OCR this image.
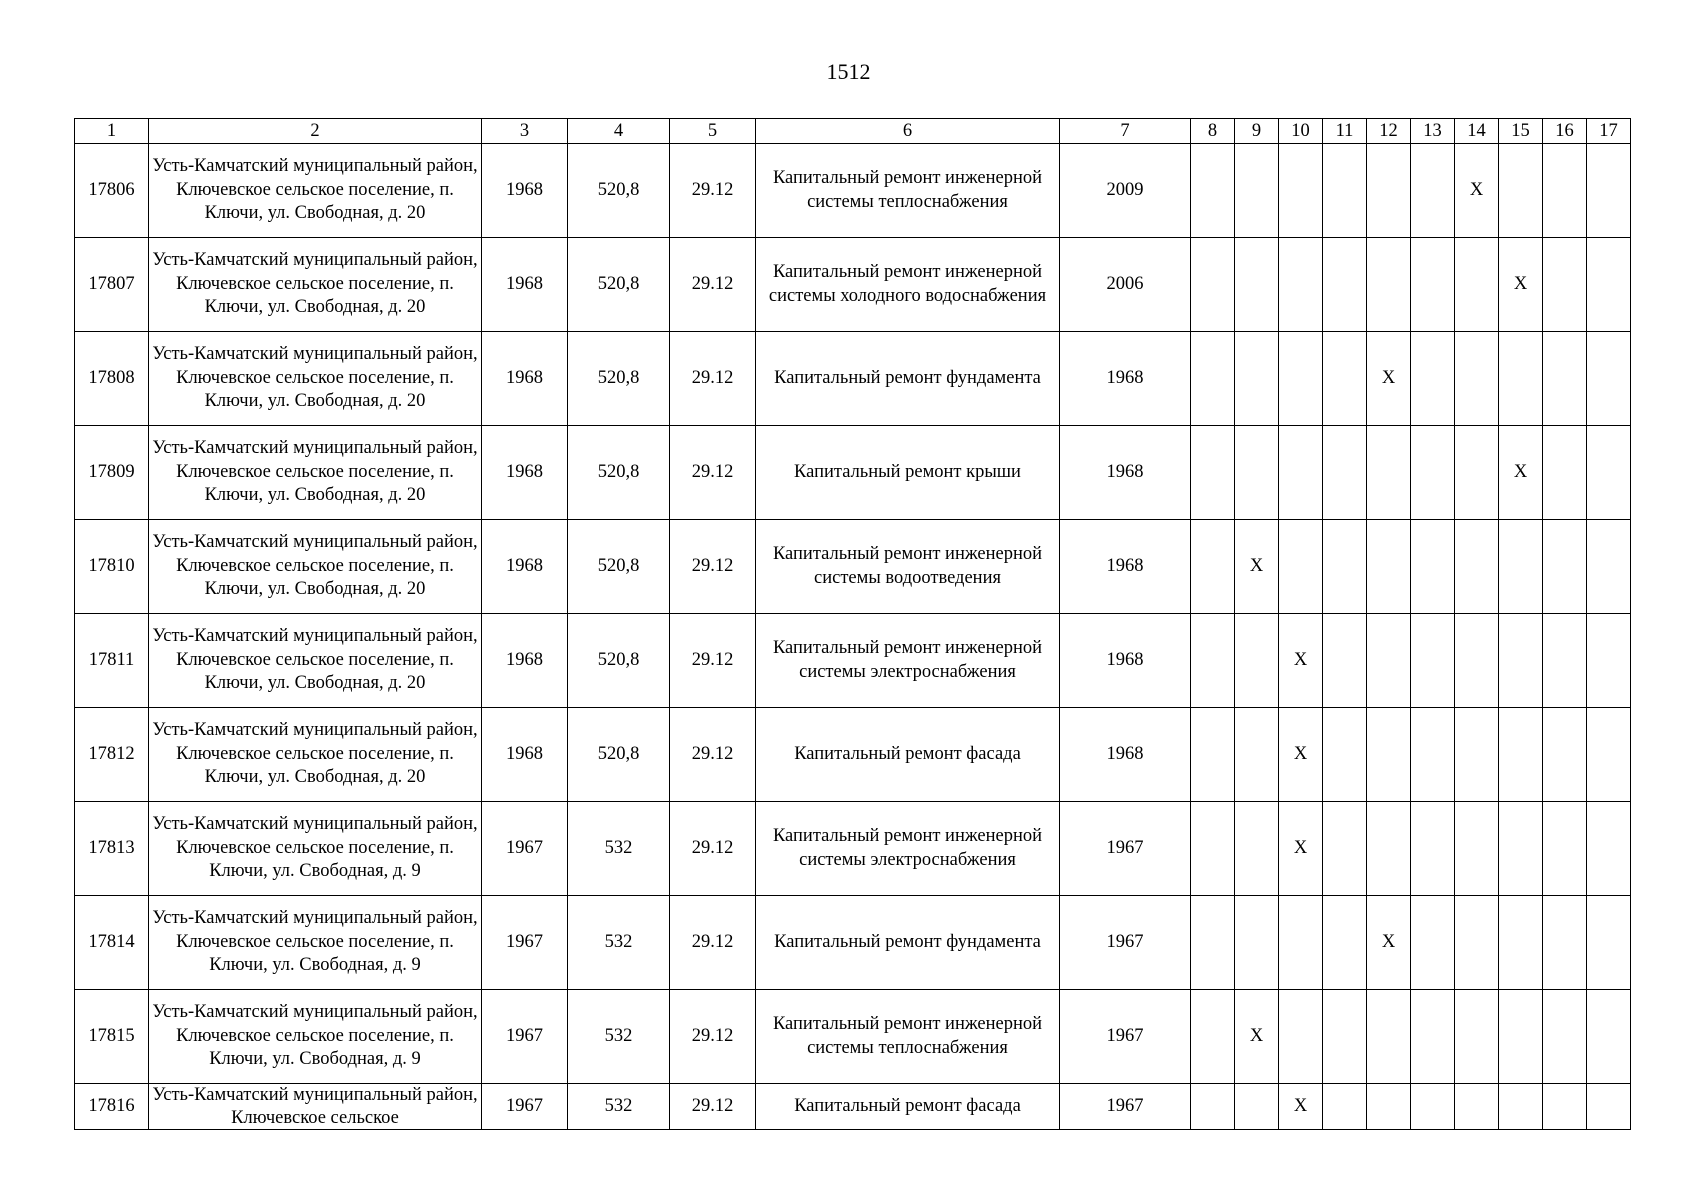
1512
1	2	3	4	5	6	7	8	9	10	11	12	13	14	15	16	17
17806	Усть-Камчатский муниципальный район, Ключевское сельское поселение, п. Ключи, ул. Свободная, д. 20	1968	520,8	29.12	Капитальный ремонт инженерной системы теплоснабжения	2009							X			
17807	Усть-Камчатский муниципальный район, Ключевское сельское поселение, п. Ключи, ул. Свободная, д. 20	1968	520,8	29.12	Капитальный ремонт инженерной системы холодного водоснабжения	2006								X		
17808	Усть-Камчатский муниципальный район, Ключевское сельское поселение, п. Ключи, ул. Свободная, д. 20	1968	520,8	29.12	Капитальный ремонт фундамента	1968					X					
17809	Усть-Камчатский муниципальный район, Ключевское сельское поселение, п. Ключи, ул. Свободная, д. 20	1968	520,8	29.12	Капитальный ремонт крыши	1968								X		
17810	Усть-Камчатский муниципальный район, Ключевское сельское поселение, п. Ключи, ул. Свободная, д. 20	1968	520,8	29.12	Капитальный ремонт инженерной системы водоотведения	1968		X								
17811	Усть-Камчатский муниципальный район, Ключевское сельское поселение, п. Ключи, ул. Свободная, д. 20	1968	520,8	29.12	Капитальный ремонт инженерной системы электроснабжения	1968			X							
17812	Усть-Камчатский муниципальный район, Ключевское сельское поселение, п. Ключи, ул. Свободная, д. 20	1968	520,8	29.12	Капитальный ремонт фасада	1968			X							
17813	Усть-Камчатский муниципальный район, Ключевское сельское поселение, п. Ключи, ул. Свободная, д. 9	1967	532	29.12	Капитальный ремонт инженерной системы электроснабжения	1967			X							
17814	Усть-Камчатский муниципальный район, Ключевское сельское поселение, п. Ключи, ул. Свободная, д. 9	1967	532	29.12	Капитальный ремонт фундамента	1967					X					
17815	Усть-Камчатский муниципальный район, Ключевское сельское поселение, п. Ключи, ул. Свободная, д. 9	1967	532	29.12	Капитальный ремонт инженерной системы теплоснабжения	1967		X								
17816	Усть-Камчатский муниципальный район, Ключевское сельское	1967	532	29.12	Капитальный ремонт фасада	1967			X							
